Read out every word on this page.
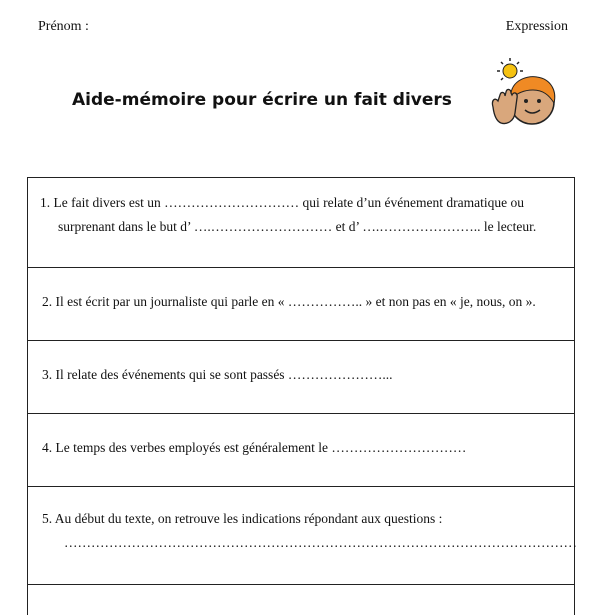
Prénom :	Expression
Aide-mémoire pour écrire un fait divers
1. Le fait divers est un ………………………… qui relate d’un événement dramatique ou
surprenant dans le but d’ ….……………………… et d’ ….………………….. le lecteur.
2. Il est écrit par un journaliste qui parle en « …………….. » et non pas en « je, nous, on ».
3. Il relate des événements qui se sont passés …………………...
4. Le temps des verbes employés est généralement le …………………………
5. Au début du texte, on retrouve les indications répondant aux questions :
……………………………………………………………………………………………………
